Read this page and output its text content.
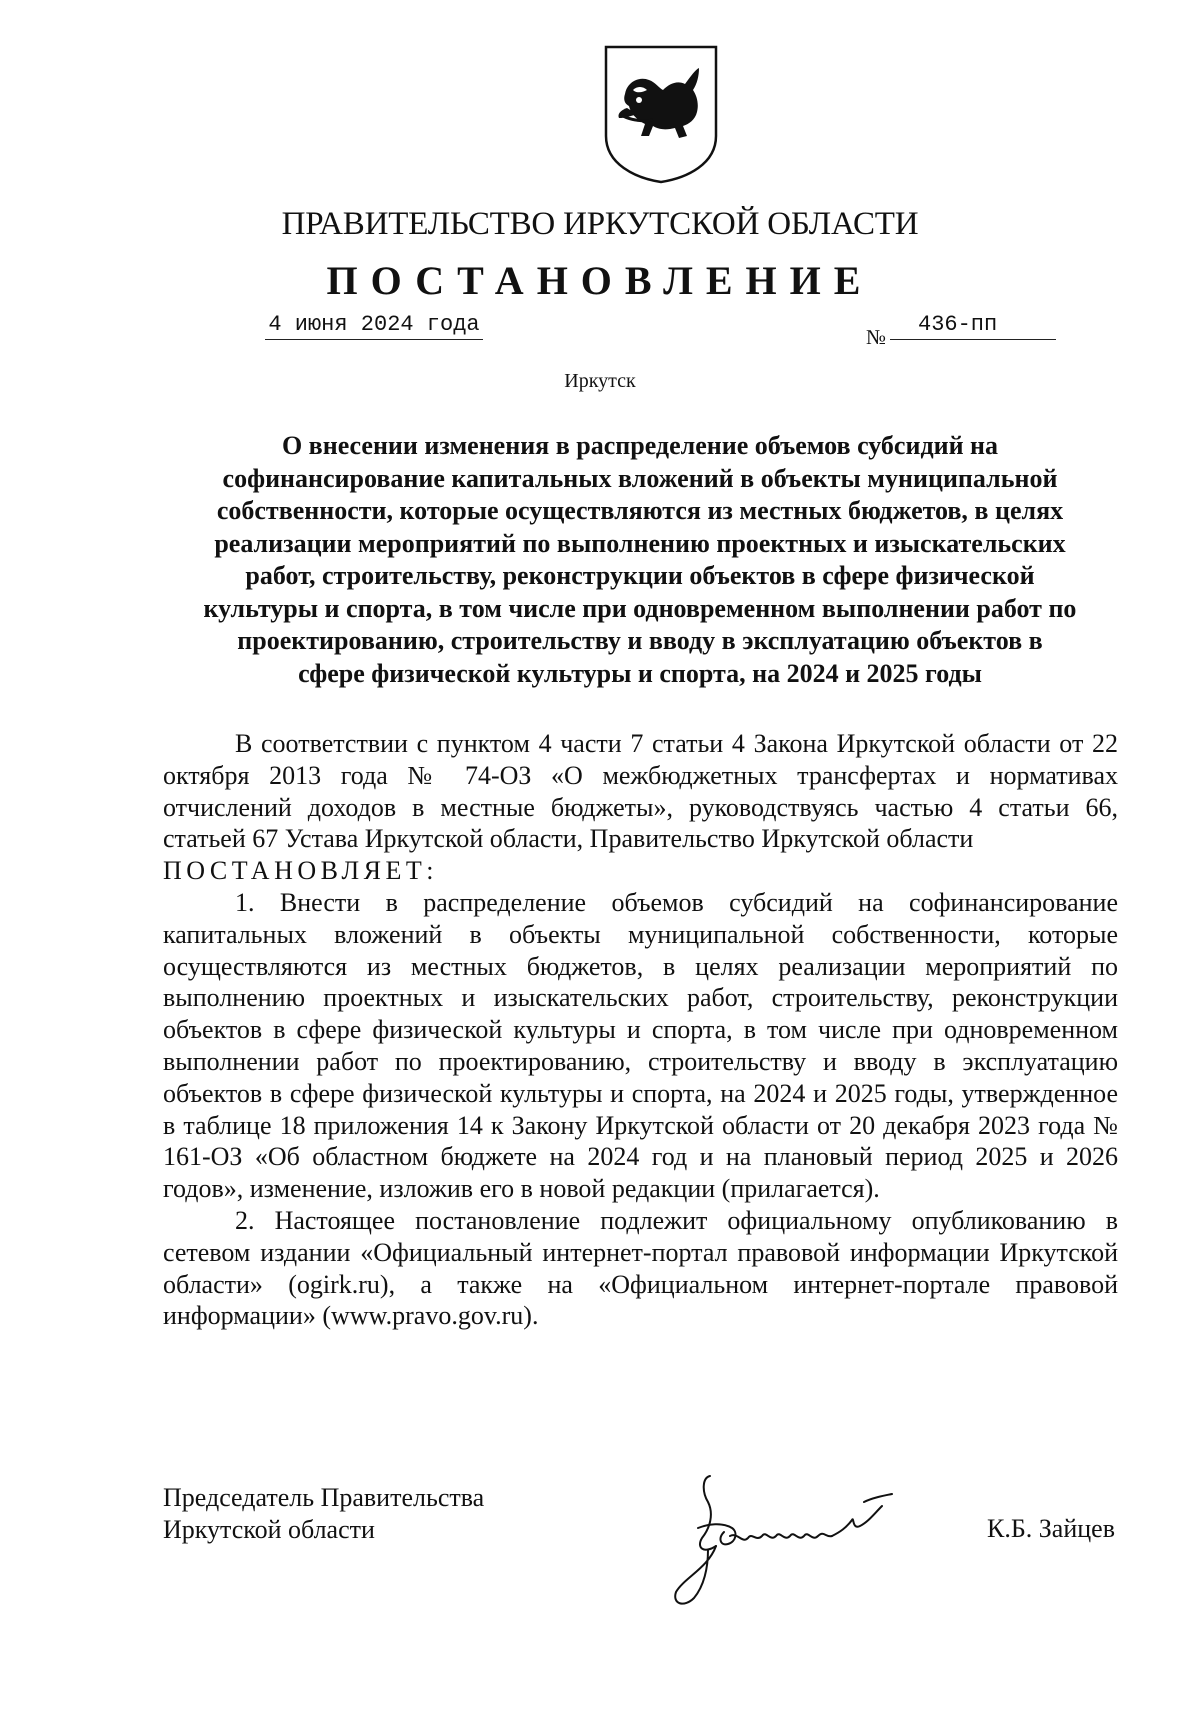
ПРАВИТЕЛЬСТВО ИРКУТСКОЙ ОБЛАСТИ
ПОСТАНОВЛЕНИЕ
4 июня 2024 года	№	436-пп
Иркутск
О внесении изменения в распределение объемов субсидий на
софинансирование капитальных вложений в объекты муниципальной
собственности, которые осуществляются из местных бюджетов, в целях
реализации мероприятий по выполнению проектных и изыскательских
работ, строительству, реконструкции объектов в сфере физической
культуры и спорта, в том числе при одновременном выполнении работ по
проектированию, строительству и вводу в эксплуатацию объектов в
сфере физической культуры и спорта, на 2024 и 2025 годы

В соответствии с пунктом 4 части 7 статьи 4 Закона Иркутской области от 22 октября 2013 года № 74-ОЗ «О межбюджетных трансфертах и нормативах отчислений доходов в местные бюджеты», руководствуясь частью 4 статьи 66, статьей 67 Устава Иркутской области, Правительство Иркутской области

ПОСТАНОВЛЯЕТ:

1. Внести в распределение объемов субсидий на софинансирование капитальных вложений в объекты муниципальной собственности, которые осуществляются из местных бюджетов, в целях реализации мероприятий по выполнению проектных и изыскательских работ, строительству, реконструкции объектов в сфере физической культуры и спорта, в том числе при одновременном выполнении работ по проектированию, строительству и вводу в эксплуатацию объектов в сфере физической культуры и спорта, на 2024 и 2025 годы, утвержденное в таблице 18 приложения 14 к Закону Иркутской области от 20 декабря 2023 года № 161-ОЗ «Об областном бюджете на 2024 год и на плановый период 2025 и 2026 годов», изменение, изложив его в новой редакции (прилагается).

2. Настоящее постановление подлежит официальному опубликованию в сетевом издании «Официальный интернет-портал правовой информации Иркутской области» (ogirk.ru), а также на «Официальном интернет-портале правовой информации» (www.pravo.gov.ru).

Председатель Правительства
Иркутской области	К.Б. Зайцев
